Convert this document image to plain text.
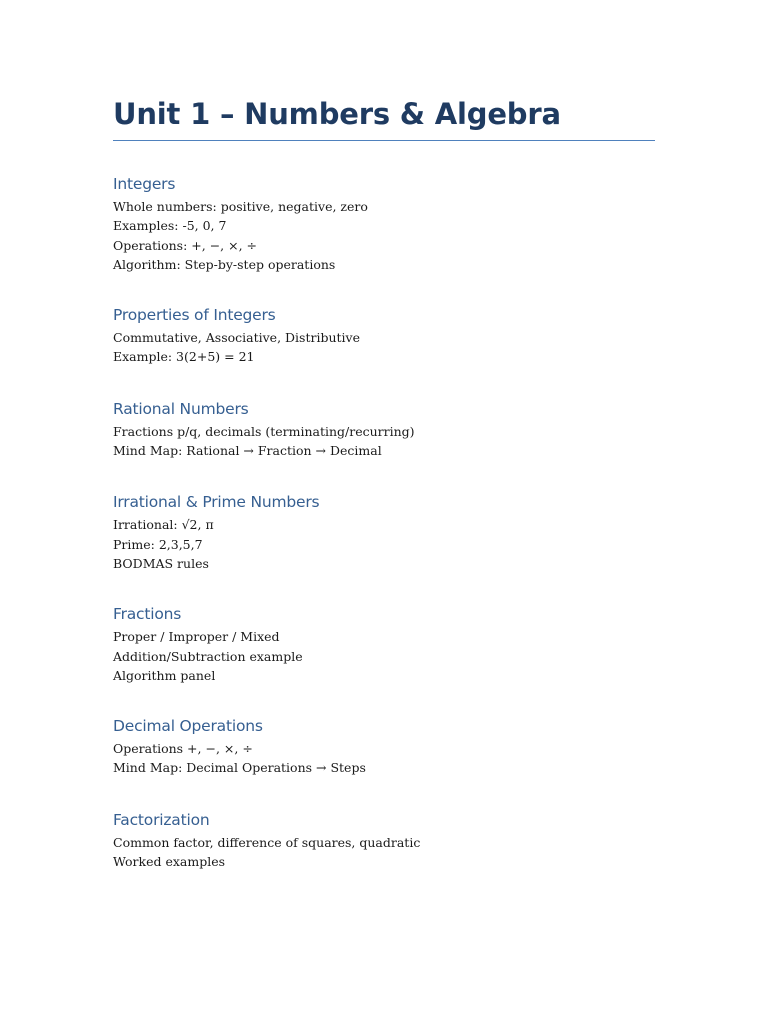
Unit 1 – Numbers & Algebra
Integers
Whole numbers: positive, negative, zero
Examples: -5, 0, 7
Operations: +, −, ×, ÷
Algorithm: Step-by-step operations
Properties of Integers
Commutative, Associative, Distributive
Example: 3(2+5) = 21
Rational Numbers
Fractions p/q, decimals (terminating/recurring)
Mind Map: Rational → Fraction → Decimal
Irrational & Prime Numbers
Irrational: √2, π
Prime: 2,3,5,7
BODMAS rules
Fractions
Proper / Improper / Mixed
Addition/Subtraction example
Algorithm panel
Decimal Operations
Operations +, −, ×, ÷
Mind Map: Decimal Operations → Steps
Factorization
Common factor, difference of squares, quadratic
Worked examples
